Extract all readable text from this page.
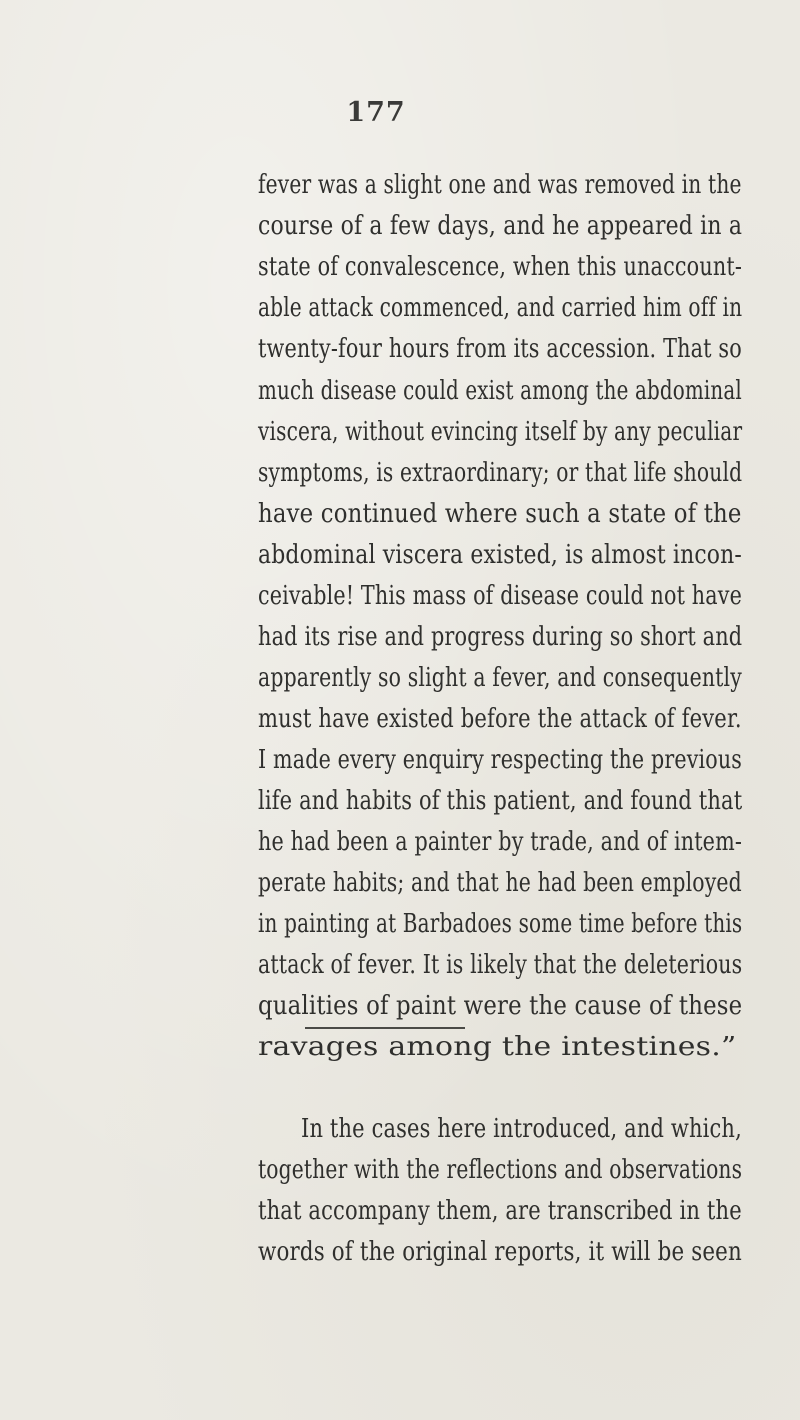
177
fever was a slight one and was removed in the
course of a few days, and he appeared in a
state of convalescence, when this unaccount-
able attack commenced, and carried him off in
twenty-four hours from its accession. That so
much disease could exist among the abdominal
viscera, without evincing itself by any peculiar
symptoms, is extraordinary; or that life should
have continued where such a state of the
abdominal viscera existed, is almost incon-
ceivable! This mass of disease could not have
had its rise and progress during so short and
apparently so slight a fever, and consequently
must have existed before the attack of fever.
I made every enquiry respecting the previous
life and habits of this patient, and found that
he had been a painter by trade, and of intem-
perate habits; and that he had been employed
in painting at Barbadoes some time before this
attack of fever. It is likely that the deleterious
qualities of paint were the cause of these
ravages among the intestines.”
In the cases here introduced, and which,
together with the reflections and observations
that accompany them, are transcribed in the
words of the original reports, it will be seen
